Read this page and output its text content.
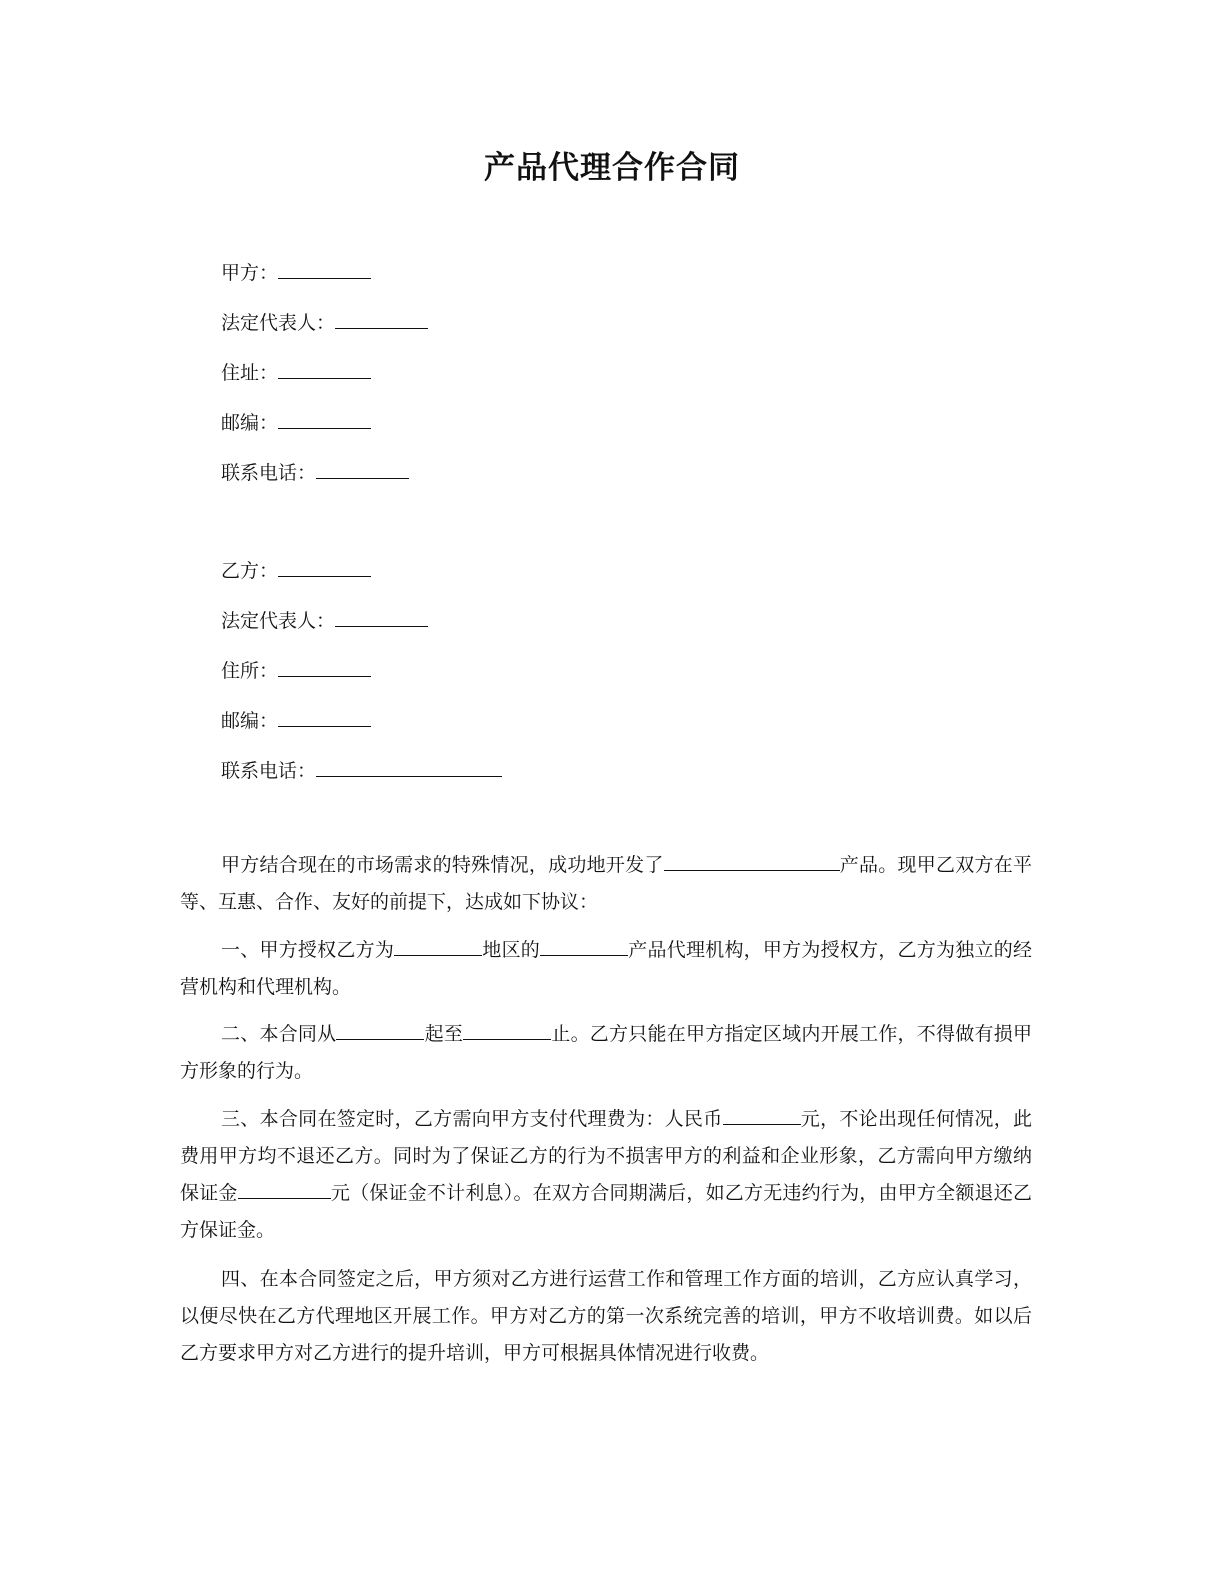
产品代理合作合同
甲方：
法定代表人：
住址：
邮编：
联系电话：
乙方：
法定代表人：
住所：
邮编：
联系电话：
甲方结合现在的市场需求的特殊情况，成功地开发了	产品。现甲乙双方在平等、互惠、合作、友好的前提下，达成如下协议：
一、甲方授权乙方为	地区的	产品代理机构，甲方为授权方，乙方为独立的经营机构和代理机构。
二、本合同从	起至	止。乙方只能在甲方指定区域内开展工作，不得做有损甲方形象的行为。
三、本合同在签定时，乙方需向甲方支付代理费为：人民币	元，不论出现任何情况，此费用甲方均不退还乙方。同时为了保证乙方的行为不损害甲方的利益和企业形象，乙方需向甲方缴纳保证金	元（保证金不计利息）。在双方合同期满后，如乙方无违约行为，由甲方全额退还乙方保证金。
四、在本合同签定之后，甲方须对乙方进行运营工作和管理工作方面的培训，乙方应认真学习，以便尽快在乙方代理地区开展工作。甲方对乙方的第一次系统完善的培训，甲方不收培训费。如以后乙方要求甲方对乙方进行的提升培训，甲方可根据具体情况进行收费。
